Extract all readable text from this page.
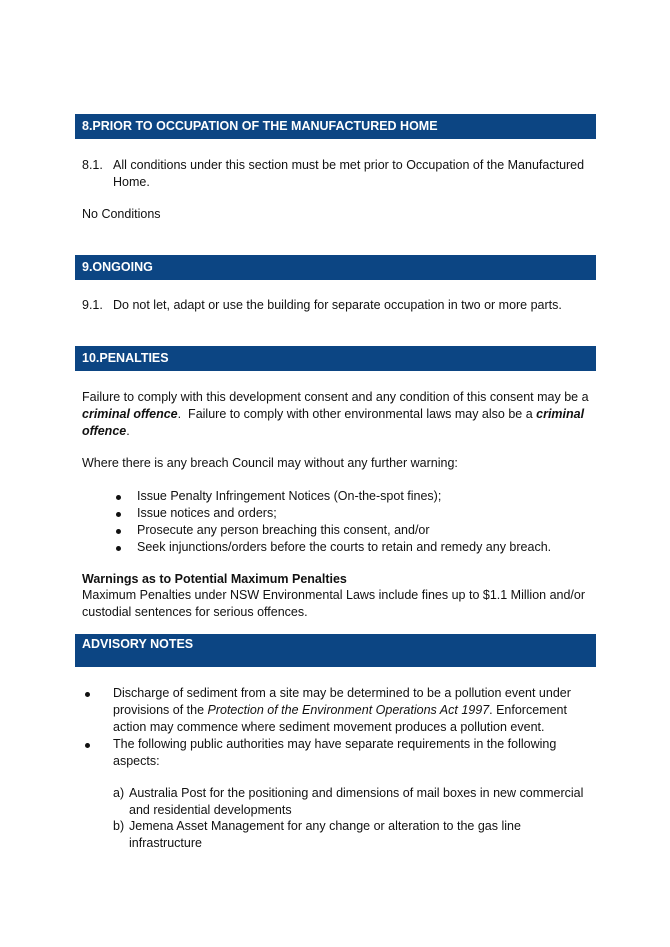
8.PRIOR TO OCCUPATION OF THE MANUFACTURED HOME
8.1. All conditions under this section must be met prior to Occupation of the Manufactured
Home.
No Conditions
9.ONGOING
9.1. Do not let, adapt or use the building for separate occupation in two or more parts.
10.PENALTIES
Failure to comply with this development consent and any condition of this consent may be a
criminal offence.  Failure to comply with other environmental laws may also be a criminal
offence.
Where there is any breach Council may without any further warning:
Issue Penalty Infringement Notices (On-the-spot fines);
Issue notices and orders;
Prosecute any person breaching this consent, and/or
Seek injunctions/orders before the courts to retain and remedy any breach.
Warnings as to Potential Maximum Penalties
Maximum Penalties under NSW Environmental Laws include fines up to $1.1 Million and/or
custodial sentences for serious offences.
ADVISORY NOTES
Discharge of sediment from a site may be determined to be a pollution event under
provisions of the Protection of the Environment Operations Act 1997. Enforcement
action may commence where sediment movement produces a pollution event.
The following public authorities may have separate requirements in the following
aspects:
a) Australia Post for the positioning and dimensions of mail boxes in new commercial
and residential developments
b) Jemena Asset Management for any change or alteration to the gas line
infrastructure
